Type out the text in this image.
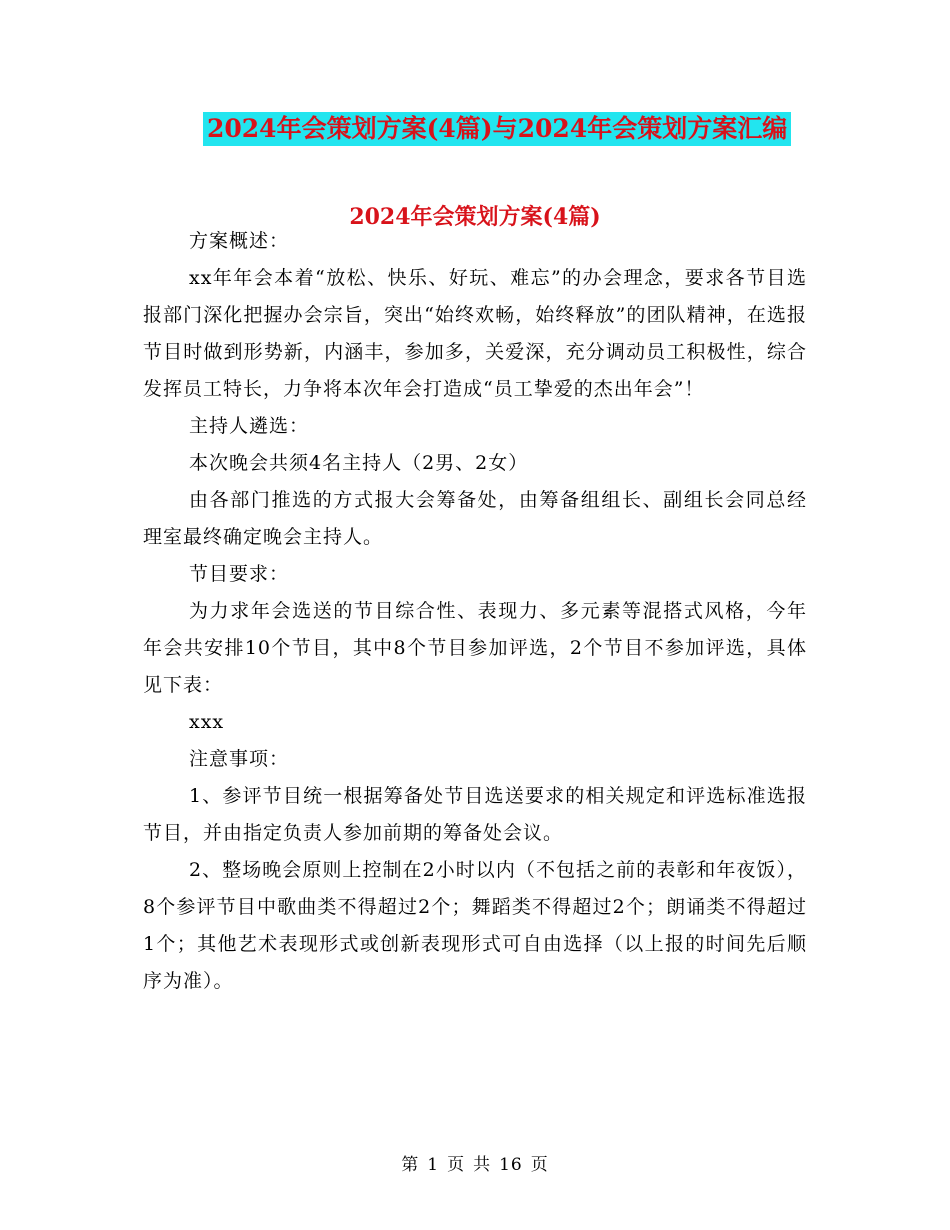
2024年会策划方案(4篇)与2024年会策划方案汇编
2024年会策划方案(4篇)

方案概述：

xx年年会本着“放松、快乐、好玩、难忘”的办会理念，要求各节目选报部门深化把握办会宗旨，突出“始终欢畅，始终释放”的团队精神，在选报节目时做到形势新，内涵丰，参加多，关爱深，充分调动员工积极性，综合发挥员工特长，力争将本次年会打造成“员工挚爱的杰出年会”！

主持人遴选：

本次晚会共须4名主持人（2男、2女）

由各部门推选的方式报大会筹备处，由筹备组组长、副组长会同总经理室最终确定晚会主持人。

节目要求：

为力求年会选送的节目综合性、表现力、多元素等混搭式风格，今年年会共安排10个节目，其中8个节目参加评选，2个节目不参加评选，具体见下表：

xxx

注意事项：

1、参评节目统一根据筹备处节目选送要求的相关规定和评选标准选报节目，并由指定负责人参加前期的筹备处会议。

2、整场晚会原则上控制在2小时以内（不包括之前的表彰和年夜饭），8个参评节目中歌曲类不得超过2个；舞蹈类不得超过2个；朗诵类不得超过1个；其他艺术表现形式或创新表现形式可自由选择（以上报的时间先后顺序为准）。

第 1 页 共 16 页
